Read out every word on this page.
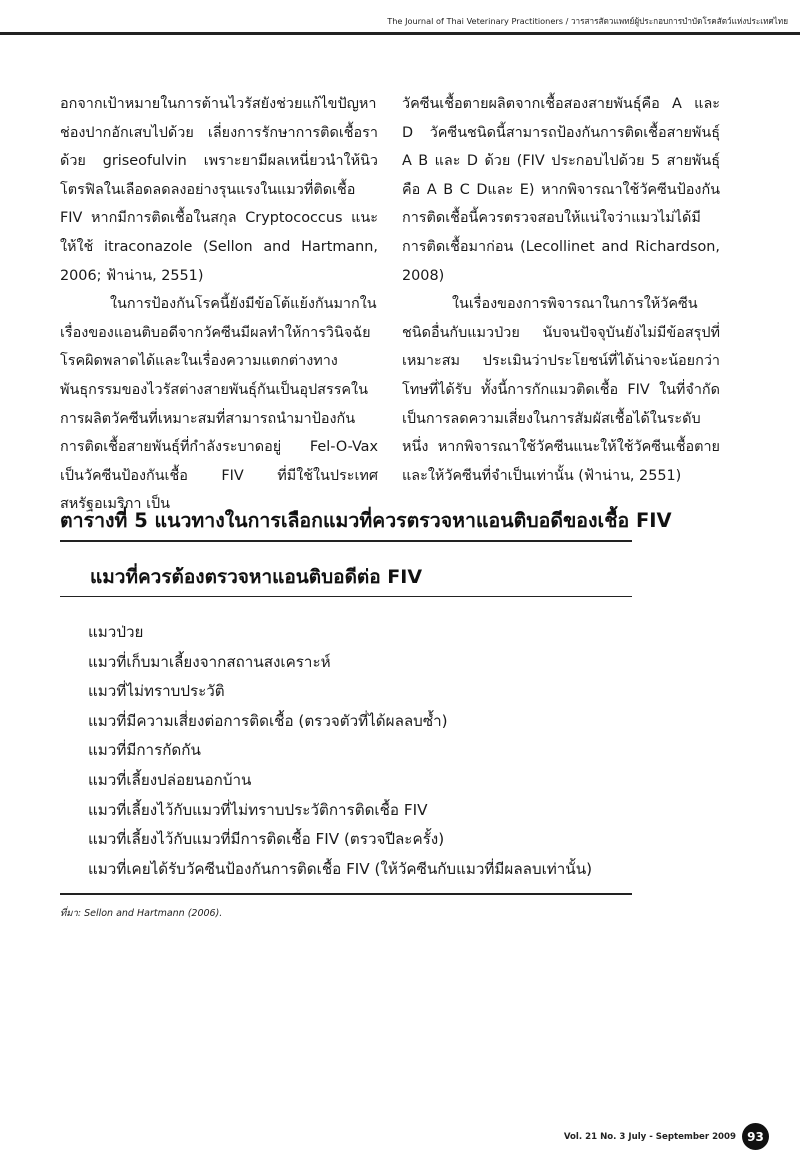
The Journal of Thai Veterinary Practitioners / วารสารสัตวแพทย์ผู้ประกอบการบำบัดโรคสัตว์แห่งประเทศไทย

อกจากเป้าหมายในการต้านไวรัสยังช่วยแก้ไขปัญหาช่องปากอักเสบไปด้วย เลี่ยงการรักษาการติดเชื้อราด้วย griseofulvin เพราะยามีผลเหนี่ยวนำให้นิวโตรฟิลในเลือดลดลงอย่างรุนแรงในแมวที่ติดเชื้อ FIV หากมีการติดเชื้อในสกุล Cryptococcus แนะให้ใช้ itraconazole (Sellon and Hartmann, 2006; ฟ้าน่าน, 2551)

ในการป้องกันโรคนี้ยังมีข้อโต้แย้งกันมากในเรื่องของแอนติบอดีจากวัคซีนมีผลทำให้การวินิจฉัยโรคผิดพลาดได้และในเรื่องความแตกต่างทางพันธุกรรมของไวรัสต่างสายพันธุ์กันเป็นอุปสรรคในการผลิตวัคซีนที่เหมาะสมที่สามารถนำมาป้องกันการติดเชื้อสายพันธุ์ที่กำลังระบาดอยู่ Fel-O-Vax เป็นวัคซีนป้องกันเชื้อ FIV ที่มีใช้ในประเทศสหรัฐอเมริกา เป็น

วัคซีนเชื้อตายผลิตจากเชื้อสองสายพันธุ์คือ A และ D วัคซีนชนิดนี้สามารถป้องกันการติดเชื้อสายพันธุ์ A B และ D ด้วย (FIV ประกอบไปด้วย 5 สายพันธุ์คือ A B C Dและ E) หากพิจารณาใช้วัคซีนป้องกันการติดเชื้อนี้ควรตรวจสอบให้แน่ใจว่าแมวไม่ได้มีการติดเชื้อมาก่อน (Lecollinet and Richardson, 2008)

ในเรื่องของการพิจารณาในการให้วัคซีนชนิดอื่นกับแมวป่วย นับจนปัจจุบันยังไม่มีข้อสรุปที่เหมาะสม ประเมินว่าประโยชน์ที่ได้น่าจะน้อยกว่าโทษที่ได้รับ ทั้งนี้การกักแมวติดเชื้อ FIV ในที่จำกัดเป็นการลดความเสี่ยงในการสัมผัสเชื้อได้ในระดับหนึ่ง หากพิจารณาใช้วัคซีนแนะให้ใช้วัคซีนเชื้อตายและให้วัคซีนที่จำเป็นเท่านั้น (ฟ้าน่าน, 2551)

ตารางที่ 5 แนวทางในการเลือกแมวที่ควรตรวจหาแอนติบอดีของเชื้อ FIV
แมวที่ควรต้องตรวจหาแอนติบอดีต่อ FIV
แมวป่วย
แมวที่เก็บมาเลี้ยงจากสถานสงเคราะห์
แมวที่ไม่ทราบประวัติ
แมวที่มีความเสี่ยงต่อการติดเชื้อ (ตรวจตัวที่ได้ผลลบซ้ำ)
แมวที่มีการกัดกัน
แมวที่เลี้ยงปล่อยนอกบ้าน
แมวที่เลี้ยงไว้กับแมวที่ไม่ทราบประวัติการติดเชื้อ FIV
แมวที่เลี้ยงไว้กับแมวที่มีการติดเชื้อ FIV (ตรวจปีละครั้ง)
แมวที่เคยได้รับวัคซีนป้องกันการติดเชื้อ FIV (ให้วัคซีนกับแมวที่มีผลลบเท่านั้น)
ที่มา: Sellon and Hartmann (2006).
Vol. 21 No. 3 July - September 2009 93
